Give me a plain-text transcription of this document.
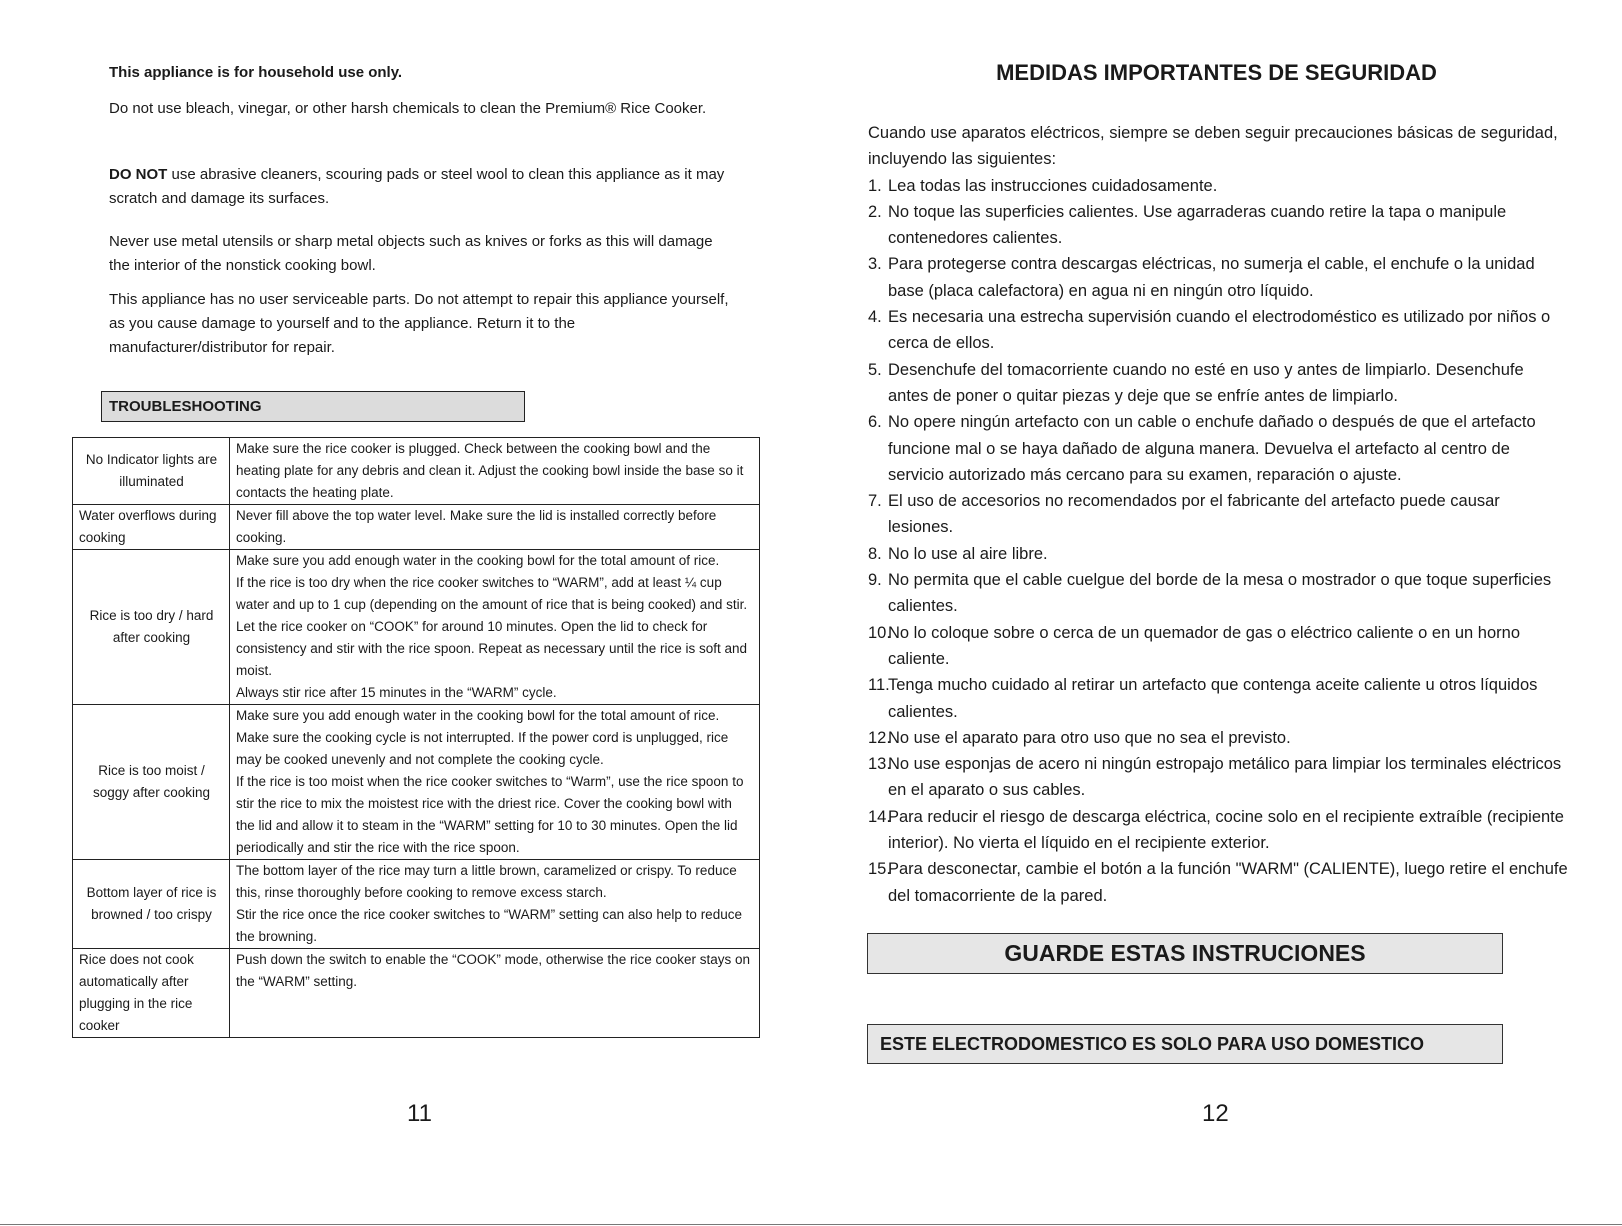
This appliance is for household use only.

Do not use bleach, vinegar, or other harsh chemicals to clean the Premium® Rice Cooker.

DO NOT use abrasive cleaners, scouring pads or steel wool to clean this appliance as it may scratch and damage its surfaces.

Never use metal utensils or sharp metal objects such as knives or forks as this will damage the interior of the nonstick cooking bowl.

This appliance has no user serviceable parts. Do not attempt to repair this appliance yourself, as you cause damage to yourself and to the appliance. Return it to the manufacturer/distributor for repair.

TROUBLESHOOTING
No Indicator lights are illuminated	Make sure the rice cooker is plugged. Check between the cooking bowl and the heating plate for any debris and clean it. Adjust the cooking bowl inside the base so it contacts the heating plate.

Water overflows during cooking	Never fill above the top water level. Make sure the lid is installed correctly before cooking.

Rice is too dry / hard after cooking	Make sure you add enough water in the cooking bowl for the total amount of rice.
If the rice is too dry when the rice cooker switches to “WARM”, add at least ¼ cup water and up to 1 cup (depending on the amount of rice that is being cooked) and stir. Let the rice cooker on “COOK” for around 10 minutes. Open the lid to check for consistency and stir with the rice spoon. Repeat as necessary until the rice is soft and moist.
Always stir rice after 15 minutes in the “WARM” cycle.

Rice is too moist / soggy after cooking	Make sure you add enough water in the cooking bowl for the total amount of rice.
Make sure the cooking cycle is not interrupted. If the power cord is unplugged, rice may be cooked unevenly and not complete the cooking cycle.
If the rice is too moist when the rice cooker switches to “Warm”, use the rice spoon to stir the rice to mix the moistest rice with the driest rice. Cover the cooking bowl with the lid and allow it to steam in the “WARM” setting for 10 to 30 minutes. Open the lid periodically and stir the rice with the rice spoon.

Bottom layer of rice is browned / too crispy	The bottom layer of the rice may turn a little brown, caramelized or crispy. To reduce this, rinse thoroughly before cooking to remove excess starch.
Stir the rice once the rice cooker switches to “WARM” setting can also help to reduce the browning.

Rice does not cook automatically after plugging in the rice cooker	Push down the switch to enable the “COOK” mode, otherwise the rice cooker stays on the “WARM” setting.
11
MEDIDAS IMPORTANTES DE SEGURIDAD
Cuando use aparatos eléctricos, siempre se deben seguir precauciones básicas de seguridad, incluyendo las siguientes:
1. Lea todas las instrucciones cuidadosamente.
2. No toque las superficies calientes. Use agarraderas cuando retire la tapa o manipule contenedores calientes.
3. Para protegerse contra descargas eléctricas, no sumerja el cable, el enchufe o la unidad base (placa calefactora) en agua ni en ningún otro líquido.
4. Es necesaria una estrecha supervisión cuando el electrodoméstico es utilizado por niños o cerca de ellos.
5. Desenchufe del tomacorriente cuando no esté en uso y antes de limpiarlo. Desenchufe antes de poner o quitar piezas y deje que se enfríe antes de limpiarlo.
6. No opere ningún artefacto con un cable o enchufe dañado o después de que el artefacto funcione mal o se haya dañado de alguna manera. Devuelva el artefacto al centro de servicio autorizado más cercano para su examen, reparación o ajuste.
7. El uso de accesorios no recomendados por el fabricante del artefacto puede causar lesiones.
8. No lo use al aire libre.
9. No permita que el cable cuelgue del borde de la mesa o mostrador o que toque superficies calientes.
10.
No lo coloque sobre o cerca de un quemador de gas o eléctrico caliente o en un horno caliente.
11.
Tenga mucho cuidado al retirar un artefacto que contenga aceite caliente u otros líquidos calientes.
12.
No use el aparato para otro uso que no sea el previsto.
13.
No use esponjas de acero ni ningún estropajo metálico para limpiar los terminales eléctricos en el aparato o sus cables.
14.
Para reducir el riesgo de descarga eléctrica, cocine solo en el recipiente extraíble (recipiente interior). No vierta el líquido en el recipiente exterior.
15.
Para desconectar, cambie el botón a la función "WARM" (CALIENTE), luego retire el enchufe del tomacorriente de la pared.
GUARDE ESTAS INSTRUCIONES
ESTE ELECTRODOMESTICO ES SOLO PARA USO DOMESTICO
12
